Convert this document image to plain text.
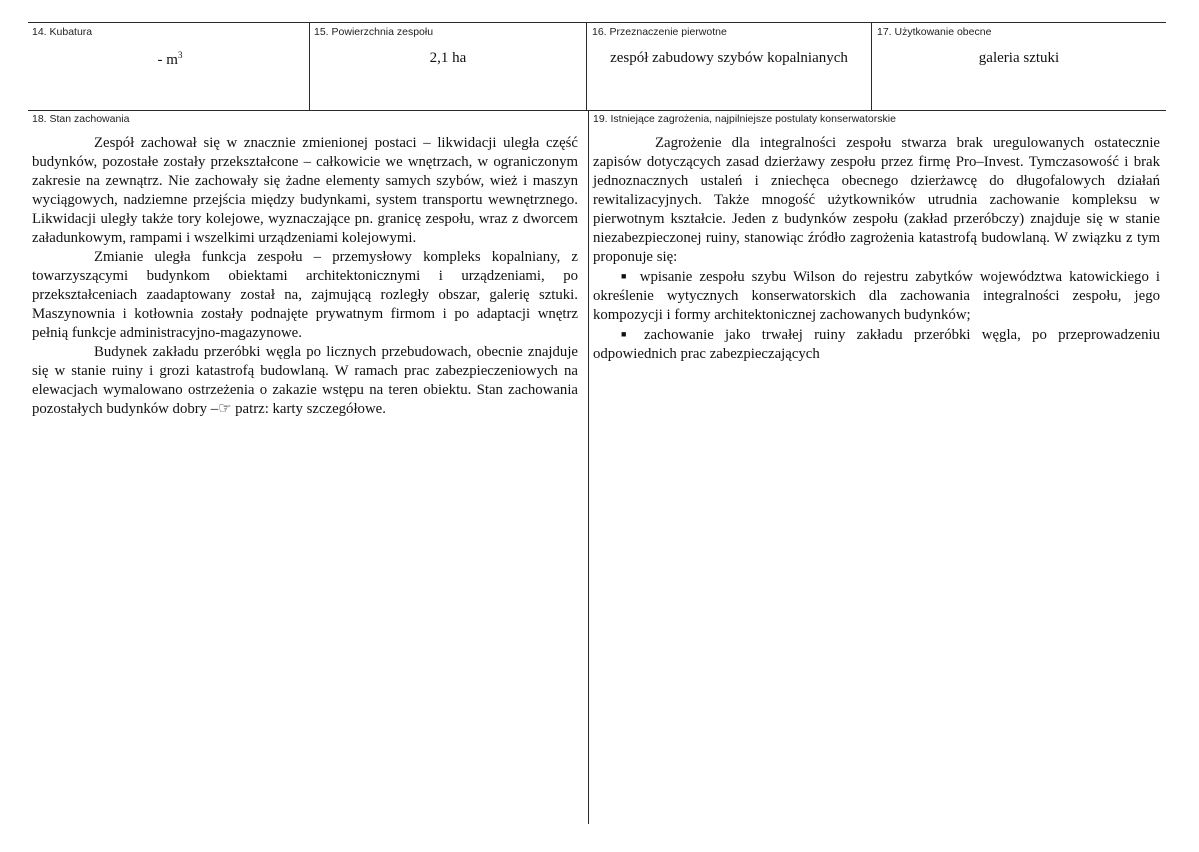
14. Kubatura
- $m^3$
15. Powierzchnia zespołu
2,1 ha
16. Przeznaczenie pierwotne
zespół zabudowy szybów kopalnianych
17. Użytkowanie obecne
galeria sztuki
18. Stan zachowania

Zespół zachował się w znacznie zmienionej postaci – likwidacji uległa część budynków, pozostałe zostały przekształcone – całkowicie we wnętrzach, w ograniczonym zakresie na zewnątrz. Nie zachowały się żadne elementy samych szybów, wież i maszyn wyciągowych, nadziemne przejścia między budynkami, system transportu wewnętrznego. Likwidacji uległy także tory kolejowe, wyznaczające pn. granicę zespołu, wraz z dworcem załadunkowym, rampami i wszelkimi urządzeniami kolejowymi.

Zmianie uległa funkcja zespołu – przemysłowy kompleks kopalniany, z towarzyszącymi budynkom obiektami architektonicznymi i urządzeniami, po przekształceniach zaadaptowany został na, zajmującą rozległy obszar, galerię sztuki. Maszynownia i kotłownia zostały podnajęte prywatnym firmom i po adaptacji wnętrz pełnią funkcje administracyjno-magazynowe.

Budynek zakładu przeróbki węgla po licznych przebudowach, obecnie znajduje się w stanie ruiny i grozi katastrofą budowlaną. W ramach prac zabezpieczeniowych na elewacjach wymalowano ostrzeżenia o zakazie wstępu na teren obiektu. Stan zachowania pozostałych budynków dobry –☞ patrz: karty szczegółowe.

19. Istniejące zagrożenia, najpilniejsze postulaty konserwatorskie

Zagrożenie dla integralności zespołu stwarza brak uregulowanych ostatecznie zapisów dotyczących zasad dzierżawy zespołu przez firmę Pro–Invest. Tymczasowość i brak jednoznacznych ustaleń i zniechęca obecnego dzierżawcę do długofalowych działań rewitalizacyjnych. Także mnogość użytkowników utrudnia zachowanie kompleksu w pierwotnym kształcie. Jeden z budynków zespołu (zakład przeróbczy) znajduje się w stanie niezabezpieczonej ruiny, stanowiąc źródło zagrożenia katastrofą budowlaną. W związku z tym proponuje się:

■ wpisanie zespołu szybu Wilson do rejestru zabytków województwa katowickiego i określenie wytycznych konserwatorskich dla zachowania integralności zespołu, jego kompozycji i formy architektonicznej zachowanych budynków;

■ zachowanie jako trwałej ruiny zakładu przeróbki węgla, po przeprowadzeniu odpowiednich prac zabezpieczających
